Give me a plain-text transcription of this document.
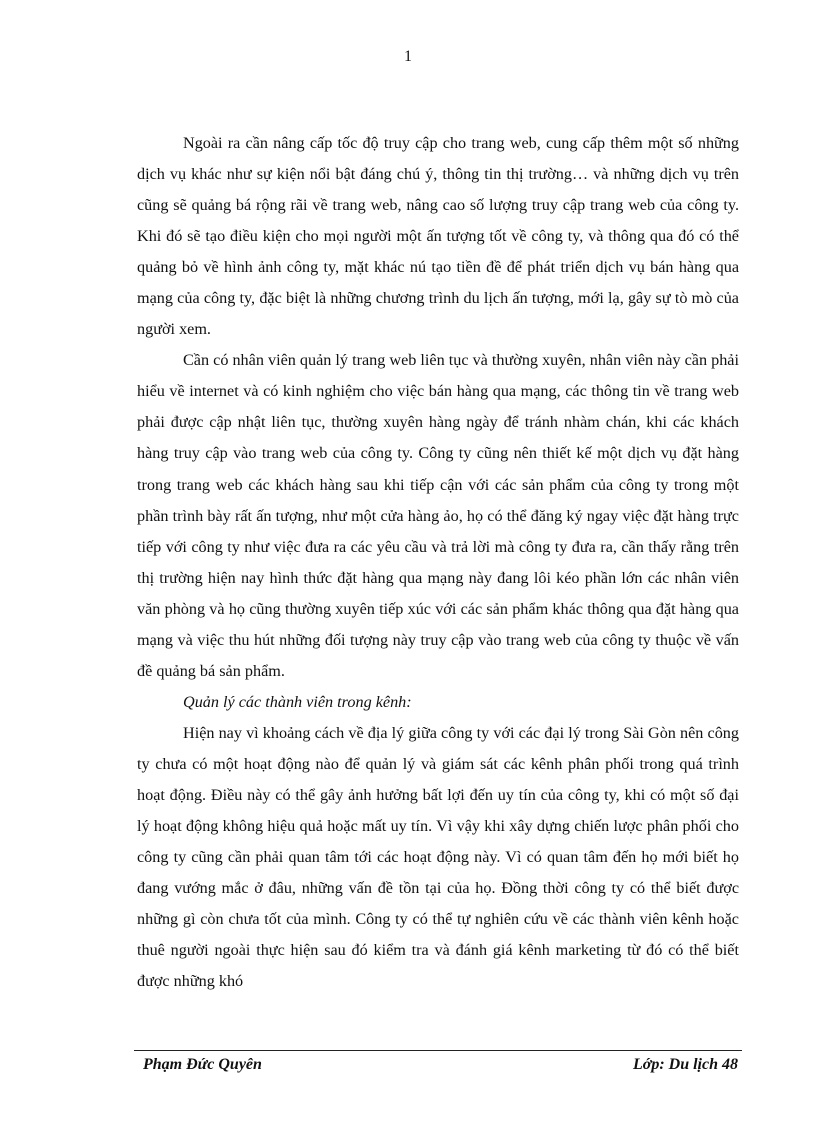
1

Ngoài ra cần nâng cấp tốc độ truy cập cho trang web, cung cấp thêm một số những dịch vụ khác như sự kiện nổi bật đáng chú ý, thông tin thị trường… và những dịch vụ trên cũng sẽ quảng bá rộng rãi về trang web, nâng cao số lượng truy cập trang web của công ty. Khi đó sẽ tạo điều kiện cho mọi người một ấn tượng tốt về công ty, và thông qua đó có thể quảng bỏ về hình ảnh công ty, mặt khác nú tạo tiền đề để phát triển dịch vụ bán hàng qua mạng của công ty, đặc biệt là những chương trình du lịch ấn tượng, mới lạ, gây sự tò mò của người xem.

Cần có nhân viên quản lý trang web liên tục và thường xuyên, nhân viên này cần phải hiểu về internet và có kinh nghiệm cho việc bán hàng qua mạng, các thông tin về trang web phải được cập nhật liên tục, thường xuyên hàng ngày để tránh nhàm chán, khi các khách hàng truy cập vào trang web của công ty. Công ty cũng nên thiết kế một dịch vụ đặt hàng trong trang web các khách hàng sau khi tiếp cận với các sản phẩm của công ty trong một phần trình bày rất ấn tượng, như một cửa hàng ảo, họ có thể đăng ký ngay việc đặt hàng trực tiếp với công ty như việc đưa ra các yêu cầu và trả lời mà công ty đưa ra, cần thấy rằng trên thị trường hiện nay hình thức đặt hàng qua mạng này đang lôi kéo phần lớn các nhân viên văn phòng và họ cũng thường xuyên tiếp xúc với các sản phẩm khác thông qua đặt hàng qua mạng và việc thu hút những đối tượng này truy cập vào trang web của công ty thuộc về vấn đề quảng bá sản phẩm.

Quản lý các thành viên trong kênh:

Hiện nay vì khoảng cách về địa lý giữa công ty với các đại lý trong Sài Gòn nên công ty chưa có một hoạt động nào để quản lý và giám sát các kênh phân phối trong quá trình hoạt động. Điều này có thể gây ảnh hưởng bất lợi đến uy tín của công ty, khi có một số đại lý hoạt động không hiệu quả hoặc mất uy tín. Vì vậy khi xây dựng chiến lược phân phối cho công ty cũng cần phải quan tâm tới các hoạt động này. Vì có quan tâm đến họ mới biết họ đang vướng mắc ở đâu, những vấn đề tồn tại của họ. Đồng thời công ty có thể biết được những gì còn chưa tốt của mình. Công ty có thể tự nghiên cứu về các thành viên kênh hoặc thuê người ngoài thực hiện sau đó kiểm tra và đánh giá kênh marketing từ đó có thể biết được những khó

Phạm Đức Quyên	Lớp: Du lịch 48
